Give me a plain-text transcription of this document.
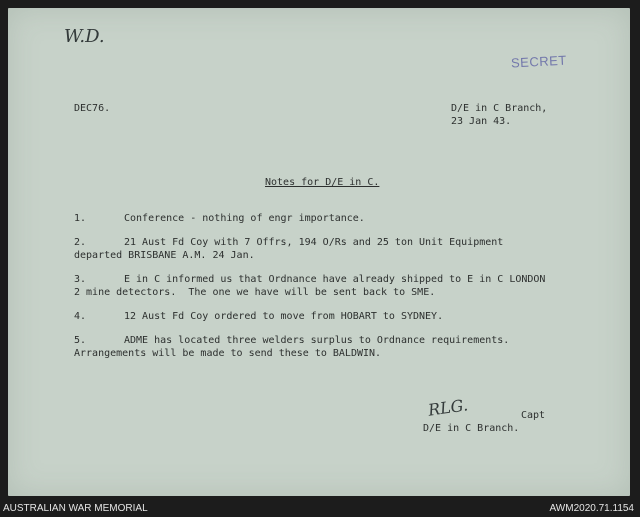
W.D.
SECRET
DEC76.	D/E in C Branch,
23 Jan 43.
Notes for D/E in C.
1.	Conference - nothing of engr importance.
2.	21 Aust Fd Coy with 7 Offrs, 194 O/Rs and 25 ton Unit Equipment
departed BRISBANE A.M. 24 Jan.
3.	E in C informed us that Ordnance have already shipped to E in C LONDON
2 mine detectors.  The one we have will be sent back to SME.
4.	12 Aust Fd Coy ordered to move from HOBART to SYDNEY.
5.	ADME has located three welders surplus to Ordnance requirements.
Arrangements will be made to send these to BALDWIN.
RLG.	Capt
D/E in C Branch.
AUSTRALIAN WAR MEMORIAL	AWM2020.71.1154
